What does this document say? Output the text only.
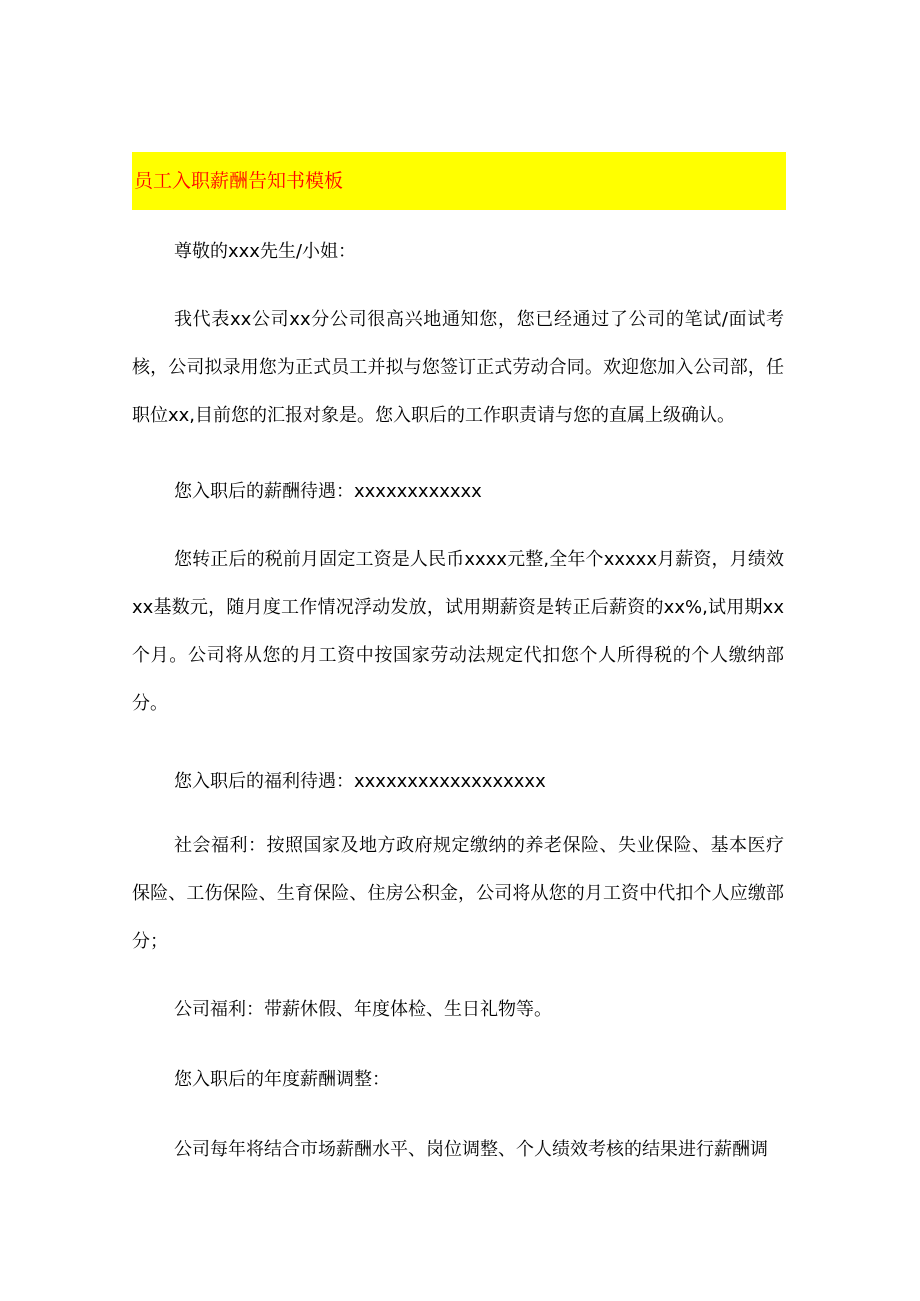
员工入职薪酬告知书模板

尊敬的xxx先生/小姐：

我代表xx公司xx分公司很高兴地通知您，您已经通过了公司的笔试/面试考核，公司拟录用您为正式员工并拟与您签订正式劳动合同。欢迎您加入公司部，任职位xx,目前您的汇报对象是。您入职后的工作职责请与您的直属上级确认。

您入职后的薪酬待遇：xxxxxxxxxxxx

您转正后的税前月固定工资是人民币xxxx元整,全年个xxxxx月薪资，月绩效xx基数元，随月度工作情况浮动发放，试用期薪资是转正后薪资的xx%,试用期xx个月。公司将从您的月工资中按国家劳动法规定代扣您个人所得税的个人缴纳部分。

您入职后的福利待遇：xxxxxxxxxxxxxxxxxx

社会福利：按照国家及地方政府规定缴纳的养老保险、失业保险、基本医疗保险、工伤保险、生育保险、住房公积金，公司将从您的月工资中代扣个人应缴部分；

公司福利：带薪休假、年度体检、生日礼物等。

您入职后的年度薪酬调整：

公司每年将结合市场薪酬水平、岗位调整、个人绩效考核的结果进行薪酬调
